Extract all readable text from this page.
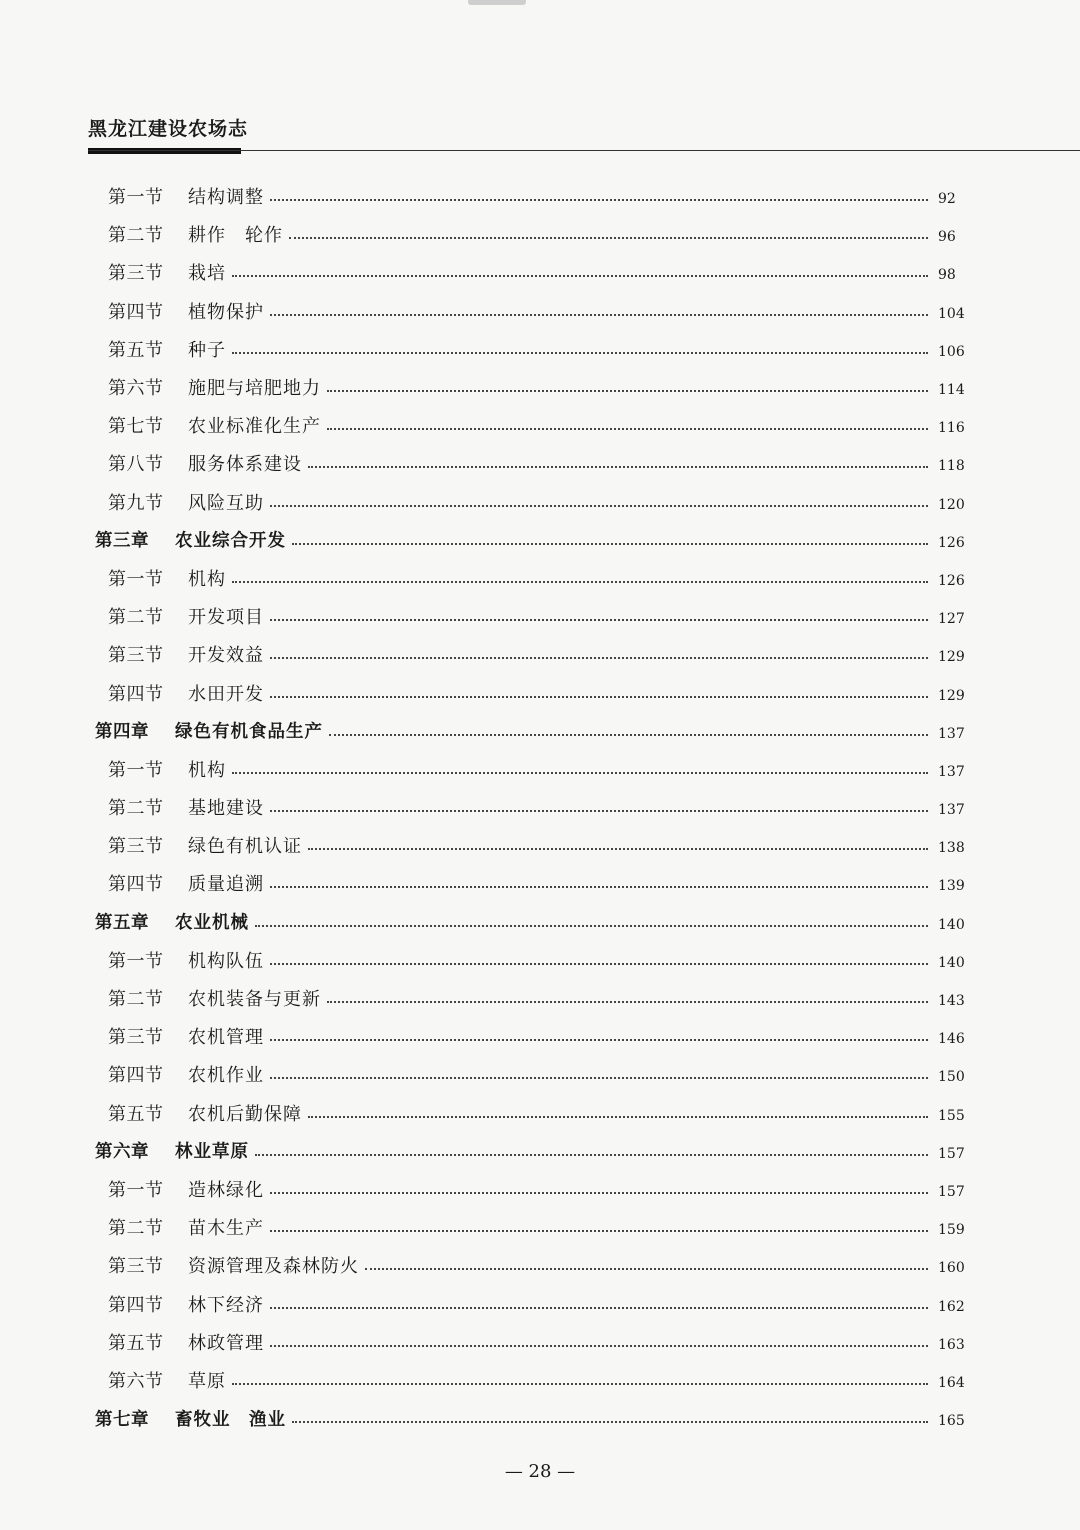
黑龙江建设农场志
第一节	结构调整	92
第二节	耕作　轮作	96
第三节	栽培	98
第四节	植物保护	104
第五节	种子	106
第六节	施肥与培肥地力	114
第七节	农业标准化生产	116
第八节	服务体系建设	118
第九节	风险互助	120
第三章	农业综合开发	126
第一节	机构	126
第二节	开发项目	127
第三节	开发效益	129
第四节	水田开发	129
第四章	绿色有机食品生产	137
第一节	机构	137
第二节	基地建设	137
第三节	绿色有机认证	138
第四节	质量追溯	139
第五章	农业机械	140
第一节	机构队伍	140
第二节	农机装备与更新	143
第三节	农机管理	146
第四节	农机作业	150
第五节	农机后勤保障	155
第六章	林业草原	157
第一节	造林绿化	157
第二节	苗木生产	159
第三节	资源管理及森林防火	160
第四节	林下经济	162
第五节	林政管理	163
第六节	草原	164
第七章	畜牧业　渔业	165
— 28 —
